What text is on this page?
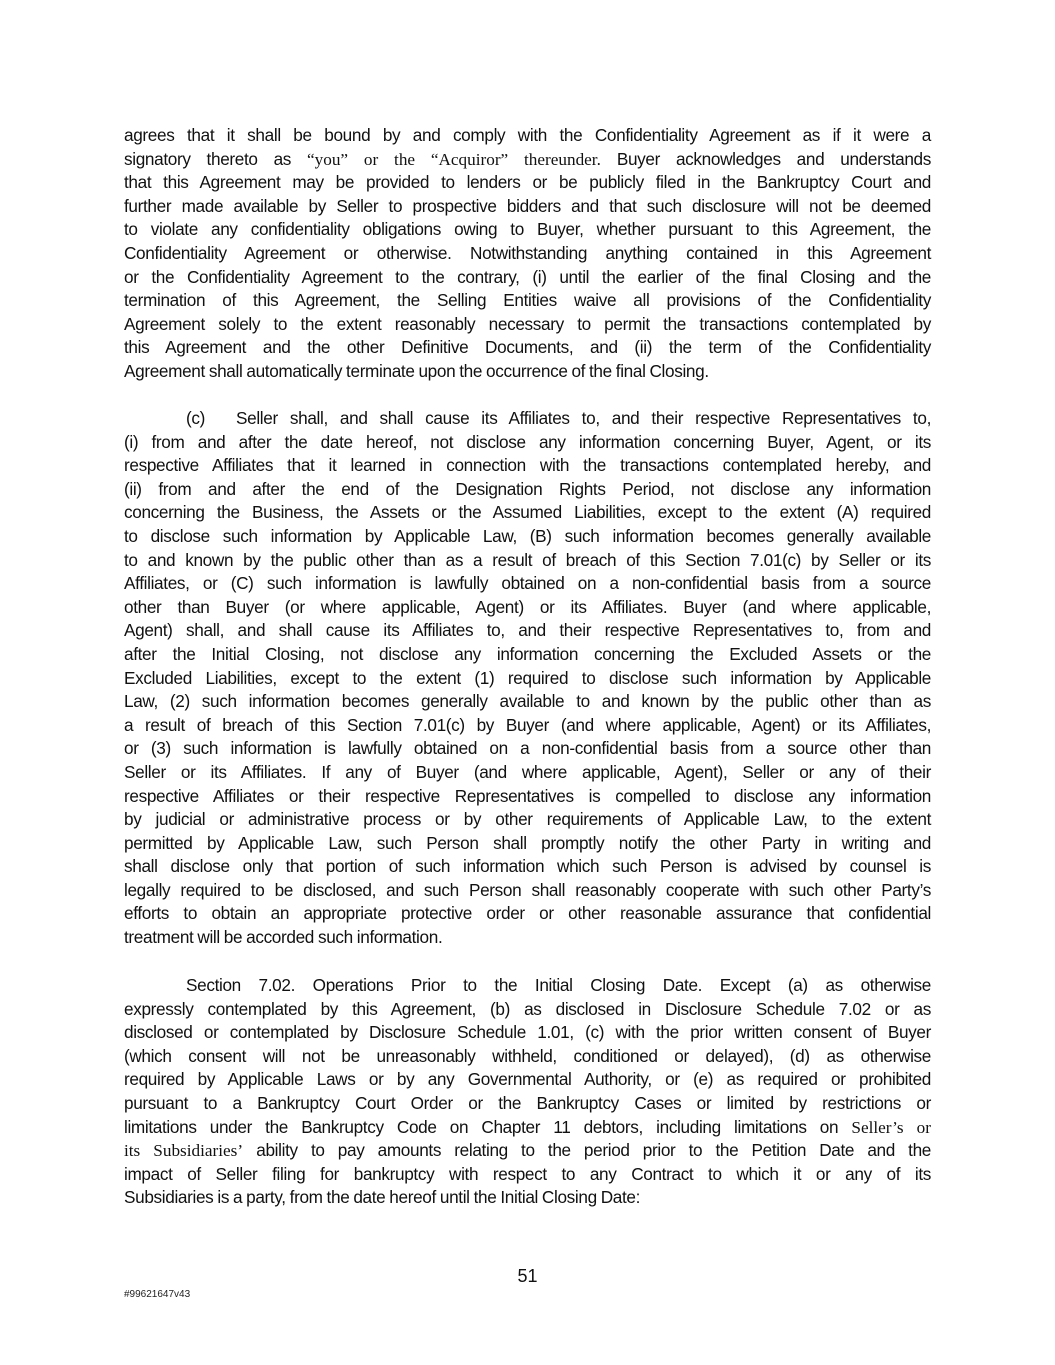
agrees that it shall be bound by and comply with the Confidentiality Agreement as if it were a
signatory thereto as “you” or the “Acquiror” thereunder. Buyer acknowledges and understands
that this Agreement may be provided to lenders or be publicly filed in the Bankruptcy Court and
further made available by Seller to prospective bidders and that such disclosure will not be deemed
to violate any confidentiality obligations owing to Buyer, whether pursuant to this Agreement, the
Confidentiality Agreement or otherwise. Notwithstanding anything contained in this Agreement
or the Confidentiality Agreement to the contrary, (i) until the earlier of the final Closing and the
termination of this Agreement, the Selling Entities waive all provisions of the Confidentiality
Agreement solely to the extent reasonably necessary to permit the transactions contemplated by
this Agreement and the other Definitive Documents, and (ii) the term of the Confidentiality
Agreement shall automatically terminate upon the occurrence of the final Closing.
(c) Seller shall, and shall cause its Affiliates to, and their respective Representatives to,
(i) from and after the date hereof, not disclose any information concerning Buyer, Agent, or its
respective Affiliates that it learned in connection with the transactions contemplated hereby, and
(ii) from and after the end of the Designation Rights Period, not disclose any information
concerning the Business, the Assets or the Assumed Liabilities, except to the extent (A) required
to disclose such information by Applicable Law, (B) such information becomes generally available
to and known by the public other than as a result of breach of this Section 7.01(c) by Seller or its
Affiliates, or (C) such information is lawfully obtained on a non-confidential basis from a source
other than Buyer (or where applicable, Agent) or its Affiliates. Buyer (and where applicable,
Agent) shall, and shall cause its Affiliates to, and their respective Representatives to, from and
after the Initial Closing, not disclose any information concerning the Excluded Assets or the
Excluded Liabilities, except to the extent (1) required to disclose such information by Applicable
Law, (2) such information becomes generally available to and known by the public other than as
a result of breach of this Section 7.01(c) by Buyer (and where applicable, Agent) or its Affiliates,
or (3) such information is lawfully obtained on a non-confidential basis from a source other than
Seller or its Affiliates. If any of Buyer (and where applicable, Agent), Seller or any of their
respective Affiliates or their respective Representatives is compelled to disclose any information
by judicial or administrative process or by other requirements of Applicable Law, to the extent
permitted by Applicable Law, such Person shall promptly notify the other Party in writing and
shall disclose only that portion of such information which such Person is advised by counsel is
legally required to be disclosed, and such Person shall reasonably cooperate with such other Party’s
efforts to obtain an appropriate protective order or other reasonable assurance that confidential
treatment will be accorded such information.
Section 7.02. Operations Prior to the Initial Closing Date. Except (a) as otherwise
expressly contemplated by this Agreement, (b) as disclosed in Disclosure Schedule 7.02 or as
disclosed or contemplated by Disclosure Schedule 1.01, (c) with the prior written consent of Buyer
(which consent will not be unreasonably withheld, conditioned or delayed), (d) as otherwise
required by Applicable Laws or by any Governmental Authority, or (e) as required or prohibited
pursuant to a Bankruptcy Court Order or the Bankruptcy Cases or limited by restrictions or
limitations under the Bankruptcy Code on Chapter 11 debtors, including limitations on Seller’s or
its Subsidiaries’ ability to pay amounts relating to the period prior to the Petition Date and the
impact of Seller filing for bankruptcy with respect to any Contract to which it or any of its
Subsidiaries is a party, from the date hereof until the Initial Closing Date:
51
#99621647v43
